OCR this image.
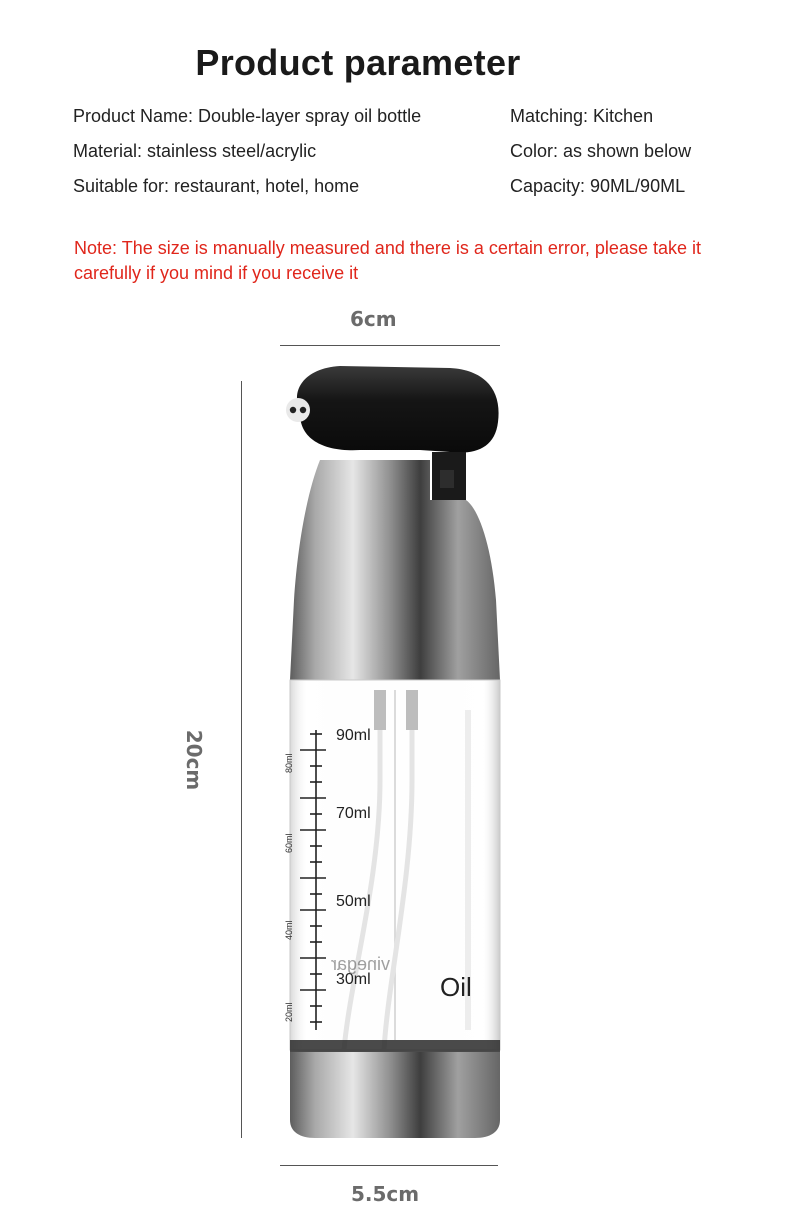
Product parameter
Product Name: Double-layer spray oil bottle
Material: stainless steel/acrylic
Suitable for: restaurant, hotel, home
Matching: Kitchen
Color: as shown below
Capacity: 90ML/90ML
Note: The size is manually measured and there is a certain error, please take it carefully if you mind if you receive it
6cm
20cm
5.5cm
90ml
70ml
50ml
30ml
80ml
60ml
40ml
20ml
vinegar
Oil
